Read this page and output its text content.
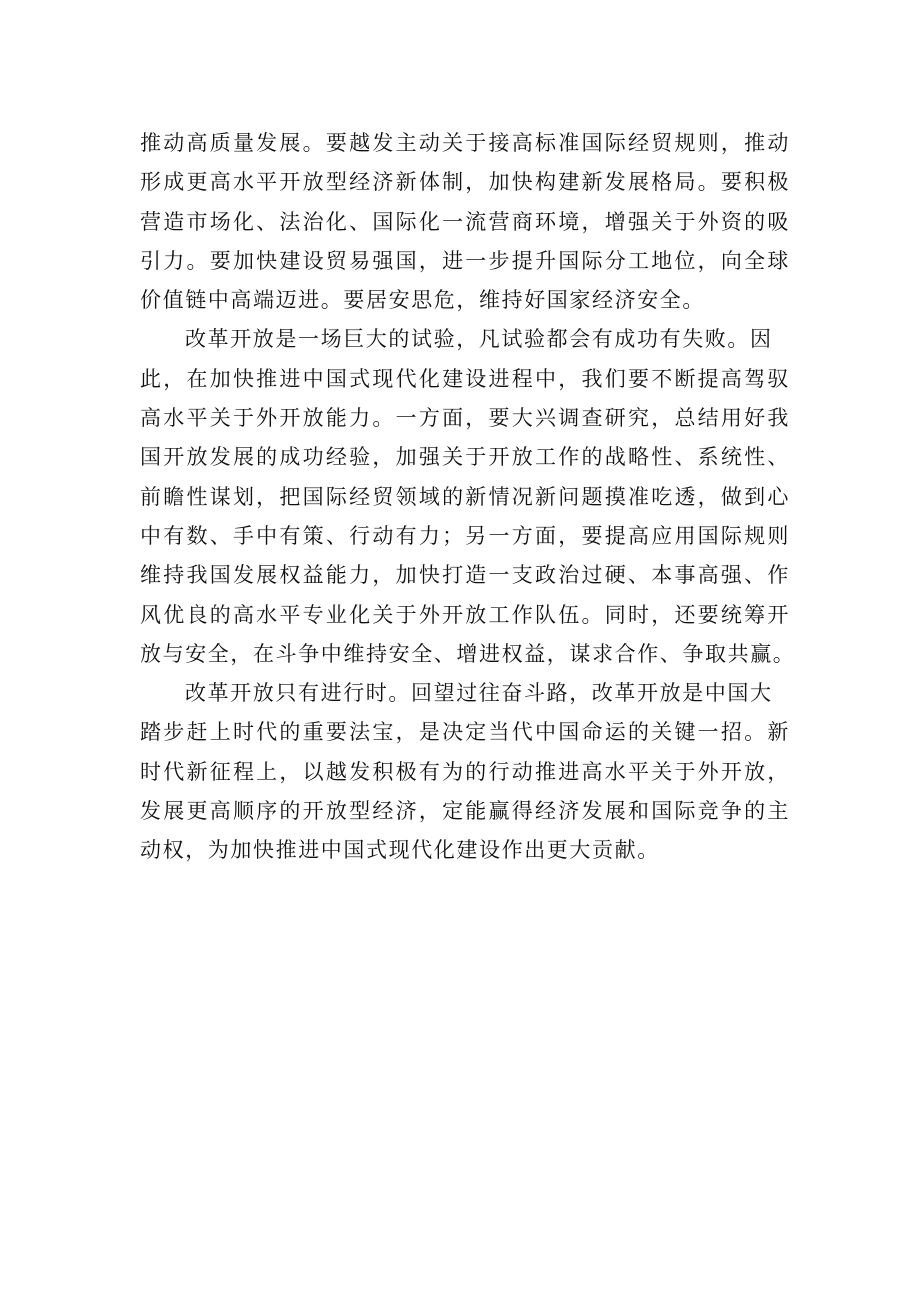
推动高质量发展。要越发主动关于接高标准国际经贸规则，推动
形成更高水平开放型经济新体制，加快构建新发展格局。要积极
营造市场化、法治化、国际化一流营商环境，增强关于外资的吸
引力。要加快建设贸易强国，进一步提升国际分工地位，向全球
价值链中高端迈进。要居安思危，维持好国家经济安全。
改革开放是一场巨大的试验，凡试验都会有成功有失败。因
此，在加快推进中国式现代化建设进程中，我们要不断提高驾驭
高水平关于外开放能力。一方面，要大兴调查研究，总结用好我
国开放发展的成功经验，加强关于开放工作的战略性、系统性、
前瞻性谋划，把国际经贸领域的新情况新问题摸准吃透，做到心
中有数、手中有策、行动有力；另一方面，要提高应用国际规则
维持我国发展权益能力，加快打造一支政治过硬、本事高强、作
风优良的高水平专业化关于外开放工作队伍。同时，还要统筹开
放与安全，在斗争中维持安全、增进权益，谋求合作、争取共赢。
改革开放只有进行时。回望过往奋斗路，改革开放是中国大
踏步赶上时代的重要法宝，是决定当代中国命运的关键一招。新
时代新征程上，以越发积极有为的行动推进高水平关于外开放，
发展更高顺序的开放型经济，定能赢得经济发展和国际竞争的主
动权，为加快推进中国式现代化建设作出更大贡献。
